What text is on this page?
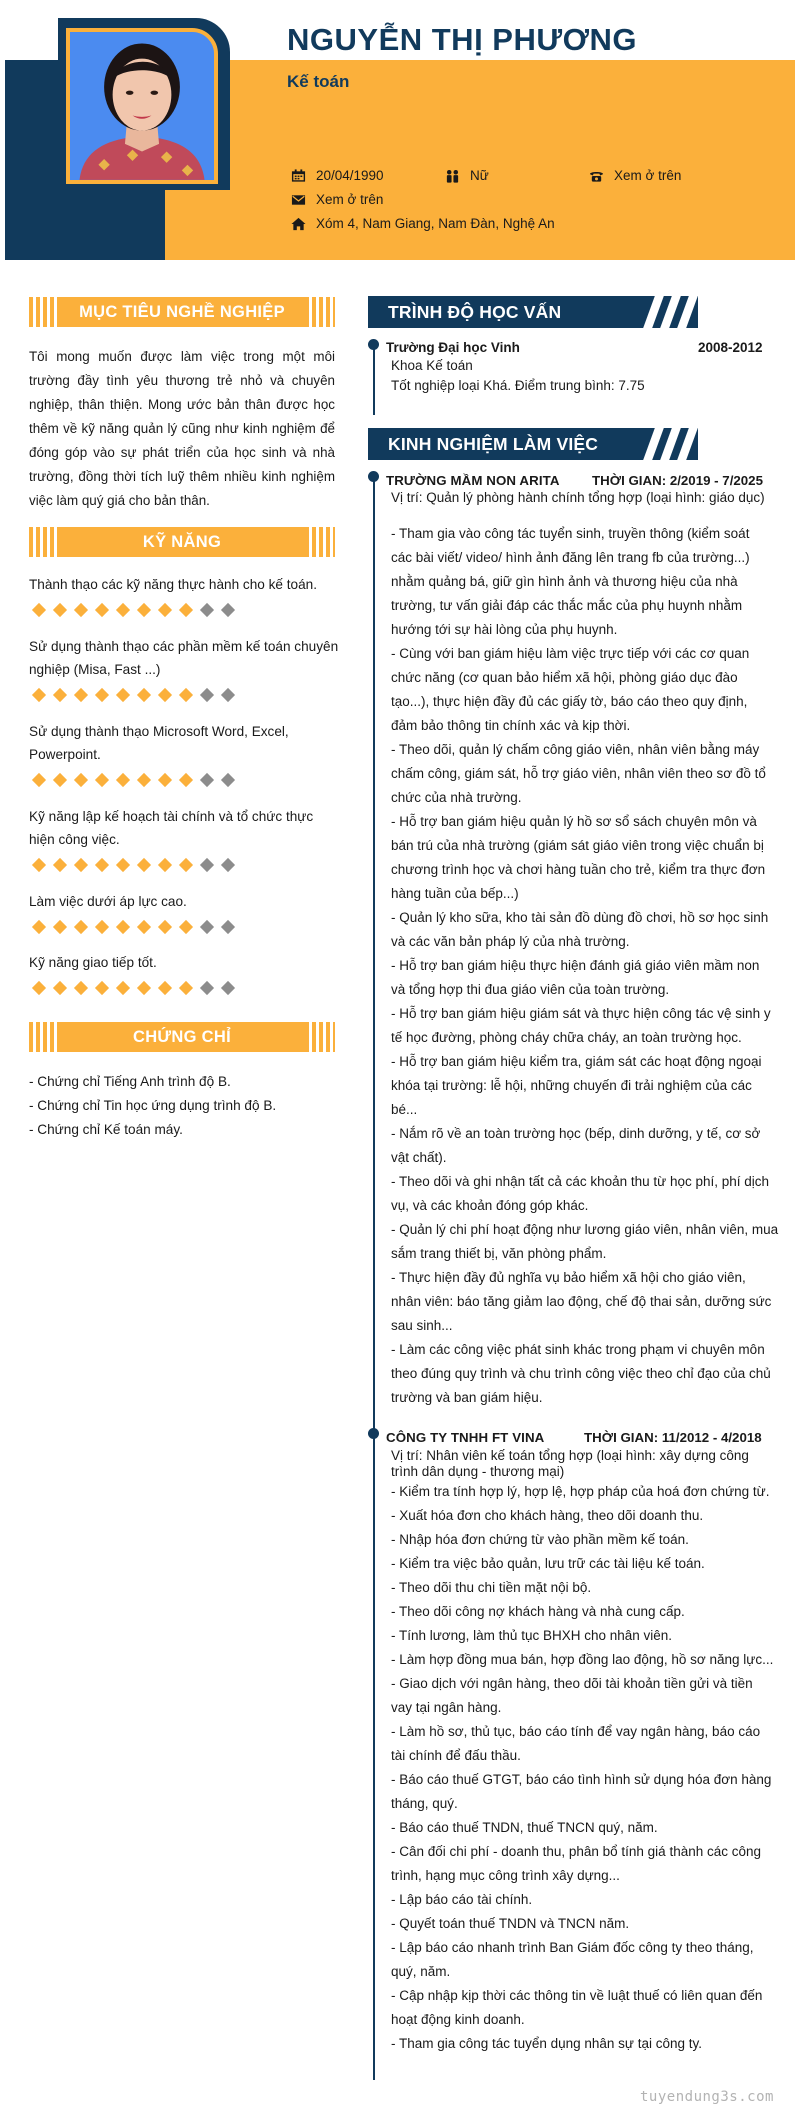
NGUYỄN THỊ PHƯƠNG
Kế toán
20/04/1990	Nữ	Xem ở trên
Xem ở trên
Xóm 4, Nam Giang, Nam Đàn, Nghệ An
MỤC TIÊU NGHỀ NGHIỆP
Tôi mong muốn được làm việc trong một môi trường đầy tình yêu thương trẻ nhỏ và chuyên nghiệp, thân thiện. Mong ước bản thân được học thêm về kỹ năng quản lý cũng như kinh nghiệm để đóng góp vào sự phát triển của học sinh và nhà trường, đồng thời tích luỹ thêm nhiều kinh nghiệm việc làm quý giá cho bản thân.
KỸ NĂNG
Thành thạo các kỹ năng thực hành cho kế toán.
Sử dụng thành thạo các phần mềm kế toán chuyên nghiệp (Misa, Fast ...)
Sử dụng thành thạo Microsoft Word, Excel, Powerpoint.
Kỹ năng lập kế hoạch tài chính và tổ chức thực hiện công việc.
Làm việc dưới áp lực cao.
Kỹ năng giao tiếp tốt.
CHỨNG CHỈ
- Chứng chỉ Tiếng Anh trình độ B.
- Chứng chỉ Tin học ứng dụng trình độ B.
- Chứng chỉ Kế toán máy.
TRÌNH ĐỘ HỌC VẤN
Trường Đại học Vinh	2008-2012
Khoa Kế toán
Tốt nghiệp loại Khá. Điểm trung bình: 7.75
KINH NGHIỆM LÀM VIỆC
TRƯỜNG MẦM NON ARITA THỜI GIAN: 2/2019 - 7/2025
Vị trí: Quản lý phòng hành chính tổng hợp (loại hình: giáo dục)
- Tham gia vào công tác tuyển sinh, truyền thông (kiểm soát
các bài viết/ video/ hình ảnh đăng lên trang fb của trường...)
nhằm quảng bá, giữ gìn hình ảnh và thương hiệu của nhà
trường, tư vấn giải đáp các thắc mắc của phụ huynh nhằm
hướng tới sự hài lòng của phụ huynh.
- Cùng với ban giám hiệu làm việc trực tiếp với các cơ quan
chức năng (cơ quan bảo hiểm xã hội, phòng giáo dục đào
tạo...), thực hiện đầy đủ các giấy tờ, báo cáo theo quy định,
đảm bảo thông tin chính xác và kịp thời.
- Theo dõi, quản lý chấm công giáo viên, nhân viên bằng máy
chấm công, giám sát, hỗ trợ giáo viên, nhân viên theo sơ đồ tổ
chức của nhà trường.
- Hỗ trợ ban giám hiệu quản lý hồ sơ sổ sách chuyên môn và
bán trú của nhà trường (giám sát giáo viên trong việc chuẩn bị
chương trình học và chơi hàng tuần cho trẻ, kiểm tra thực đơn
hàng tuần của bếp...)
- Quản lý kho sữa, kho tài sản đồ dùng đồ chơi, hồ sơ học sinh
và các văn bản pháp lý của nhà trường.
- Hỗ trợ ban giám hiệu thực hiện đánh giá giáo viên mầm non
và tổng hợp thi đua giáo viên của toàn trường.
- Hỗ trợ ban giám hiệu giám sát và thực hiện công tác vệ sinh y
tế học đường, phòng cháy chữa cháy, an toàn trường học.
- Hỗ trợ ban giám hiệu kiểm tra, giám sát các hoạt động ngoại
khóa tại trường: lễ hội, những chuyến đi trải nghiệm của các
bé...
- Nắm rõ về an toàn trường học (bếp, dinh dưỡng, y tế, cơ sở
vật chất).
- Theo dõi và ghi nhận tất cả các khoản thu từ học phí, phí dịch
vụ, và các khoản đóng góp khác.
- Quản lý chi phí hoạt động như lương giáo viên, nhân viên, mua
sắm trang thiết bị, văn phòng phẩm.
- Thực hiện đầy đủ nghĩa vụ bảo hiểm xã hội cho giáo viên,
nhân viên: báo tăng giảm lao động, chế độ thai sản, dưỡng sức
sau sinh...
- Làm các công việc phát sinh khác trong phạm vi chuyên môn
theo đúng quy trình và chu trình công việc theo chỉ đạo của chủ
trường và ban giám hiệu.
CÔNG TY TNHH FT VINA	THỜI GIAN: 11/2012 - 4/2018
Vị trí: Nhân viên kế toán tổng hợp (loại hình: xây dựng công trình dân dụng - thương mại)
- Kiểm tra tính hợp lý, hợp lệ, hợp pháp của hoá đơn chứng từ.
- Xuất hóa đơn cho khách hàng, theo dõi doanh thu.
- Nhập hóa đơn chứng từ vào phần mềm kế toán.
- Kiểm tra việc bảo quản, lưu trữ các tài liệu kế toán.
- Theo dõi thu chi tiền mặt nội bộ.
- Theo dõi công nợ khách hàng và nhà cung cấp.
- Tính lương, làm thủ tục BHXH cho nhân viên.
- Làm hợp đồng mua bán, hợp đồng lao động, hồ sơ năng lực...
- Giao dịch với ngân hàng, theo dõi tài khoản tiền gửi và tiền
vay tại ngân hàng.
- Làm hồ sơ, thủ tục, báo cáo tính để vay ngân hàng, báo cáo
tài chính để đấu thầu.
- Báo cáo thuế GTGT, báo cáo tình hình sử dụng hóa đơn hàng
tháng, quý.
- Báo cáo thuế TNDN, thuế TNCN quý, năm.
- Cân đối chi phí - doanh thu, phân bổ tính giá thành các công
trình, hạng mục công trình xây dựng...
- Lập báo cáo tài chính.
- Quyết toán thuế TNDN và TNCN năm.
- Lập báo cáo nhanh trình Ban Giám đốc công ty theo tháng,
quý, năm.
- Cập nhập kịp thời các thông tin về luật thuế có liên quan đến
hoạt động kinh doanh.
- Tham gia công tác tuyển dụng nhân sự tại công ty.
tuyendung3s.com
